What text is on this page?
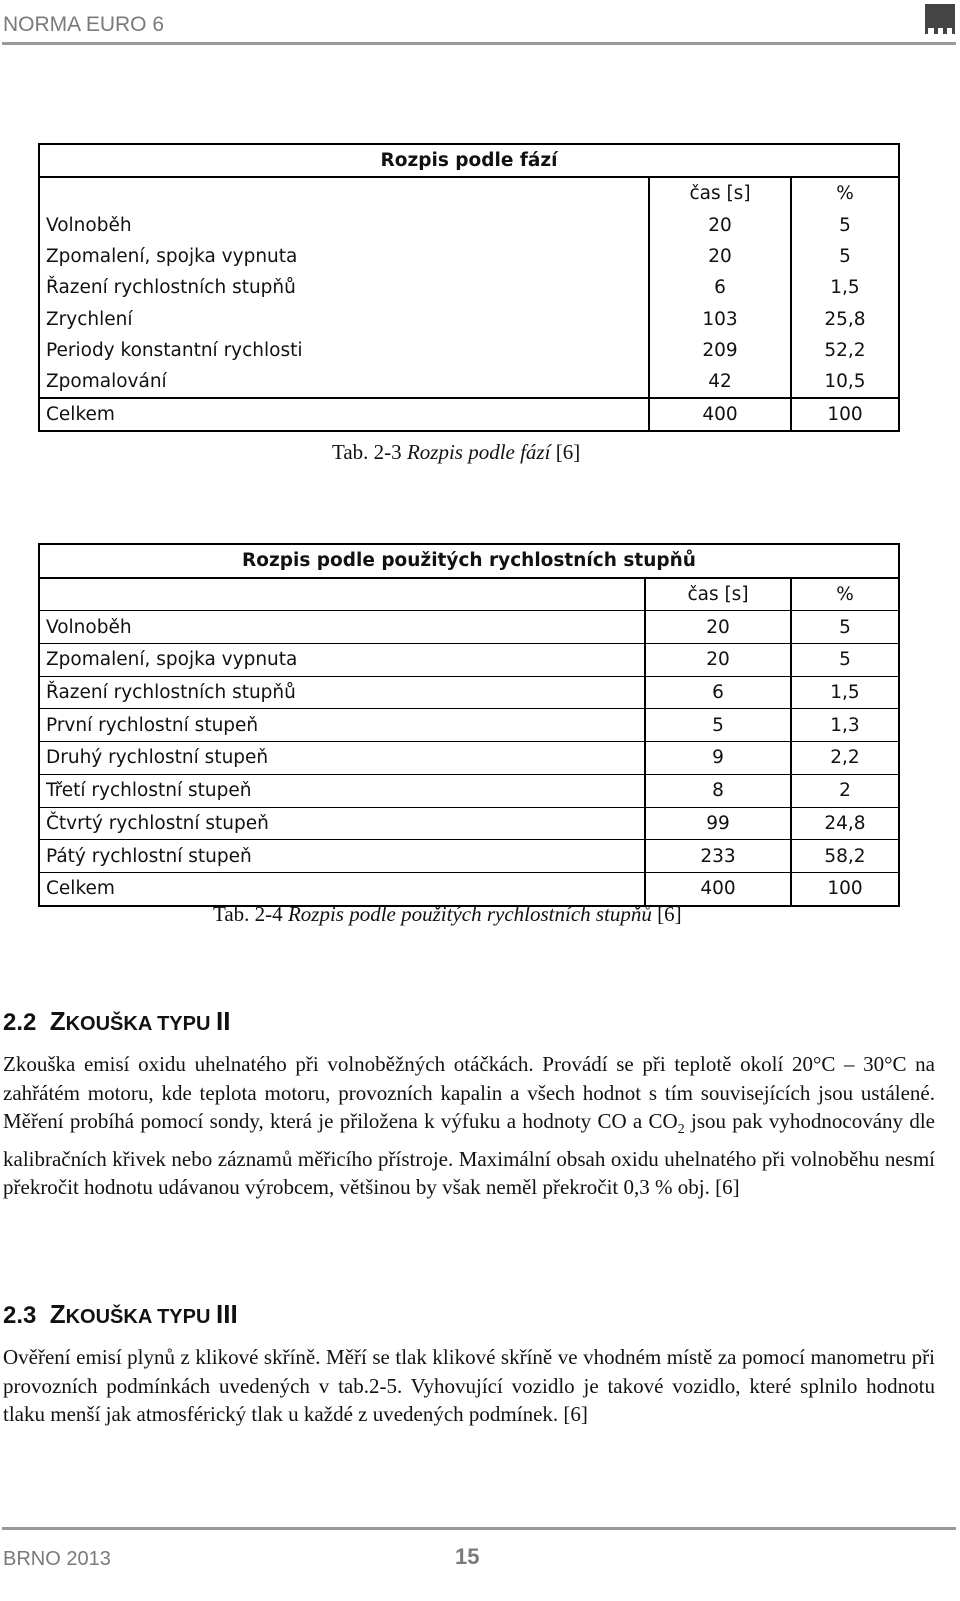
NORMA EURO 6
Rozpis podle fází		
	čas [s]	%
Volnoběh	20	5
Zpomalení, spojka vypnuta	20	5
Řazení rychlostních stupňů	6	1,5
Zrychlení	103	25,8
Periody konstantní rychlosti	209	52,2
Zpomalování	42	10,5
Celkem	400	100
Tab. 2-3 Rozpis podle fází [6]
Rozpis podle použitých rychlostních stupňů		
	čas [s]	%
Volnoběh	20	5
Zpomalení, spojka vypnuta	20	5
Řazení rychlostních stupňů	6	1,5
První rychlostní stupeň	5	1,3
Druhý rychlostní stupeň	9	2,2
Třetí rychlostní stupeň	8	2
Čtvrtý rychlostní stupeň	99	24,8
Pátý rychlostní stupeň	233	58,2
Celkem	400	100
Tab. 2-4 Rozpis podle použitých rychlostních stupňů [6]
2.2 ZKOUŠKA TYPU II
Zkouška emisí oxidu uhelnatého při volnoběžných otáčkách. Provádí se při teplotě okolí 20°C – 30°C na zahřátém motoru, kde teplota motoru, provozních kapalin a všech hodnot s tím souvisejících jsou ustálené. Měření probíhá pomocí sondy, která je přiložena k výfuku a hodnoty CO a $CO_2$ jsou pak vyhodnocovány dle kalibračních křivek nebo záznamů měřicího přístroje. Maximální obsah oxidu uhelnatého při volnoběhu nesmí překročit hodnotu udávanou výrobcem, většinou by však neměl překročit 0,3 % obj. [6]
2.3 ZKOUŠKA TYPU III
Ověření emisí plynů z klikové skříně. Měří se tlak klikové skříně ve vhodném místě za pomocí manometru při provozních podmínkách uvedených v tab.2-5. Vyhovující vozidlo je takové vozidlo, které splnilo hodnotu tlaku menší jak atmosférický tlak u každé z uvedených podmínek. [6]
BRNO 2013	15
